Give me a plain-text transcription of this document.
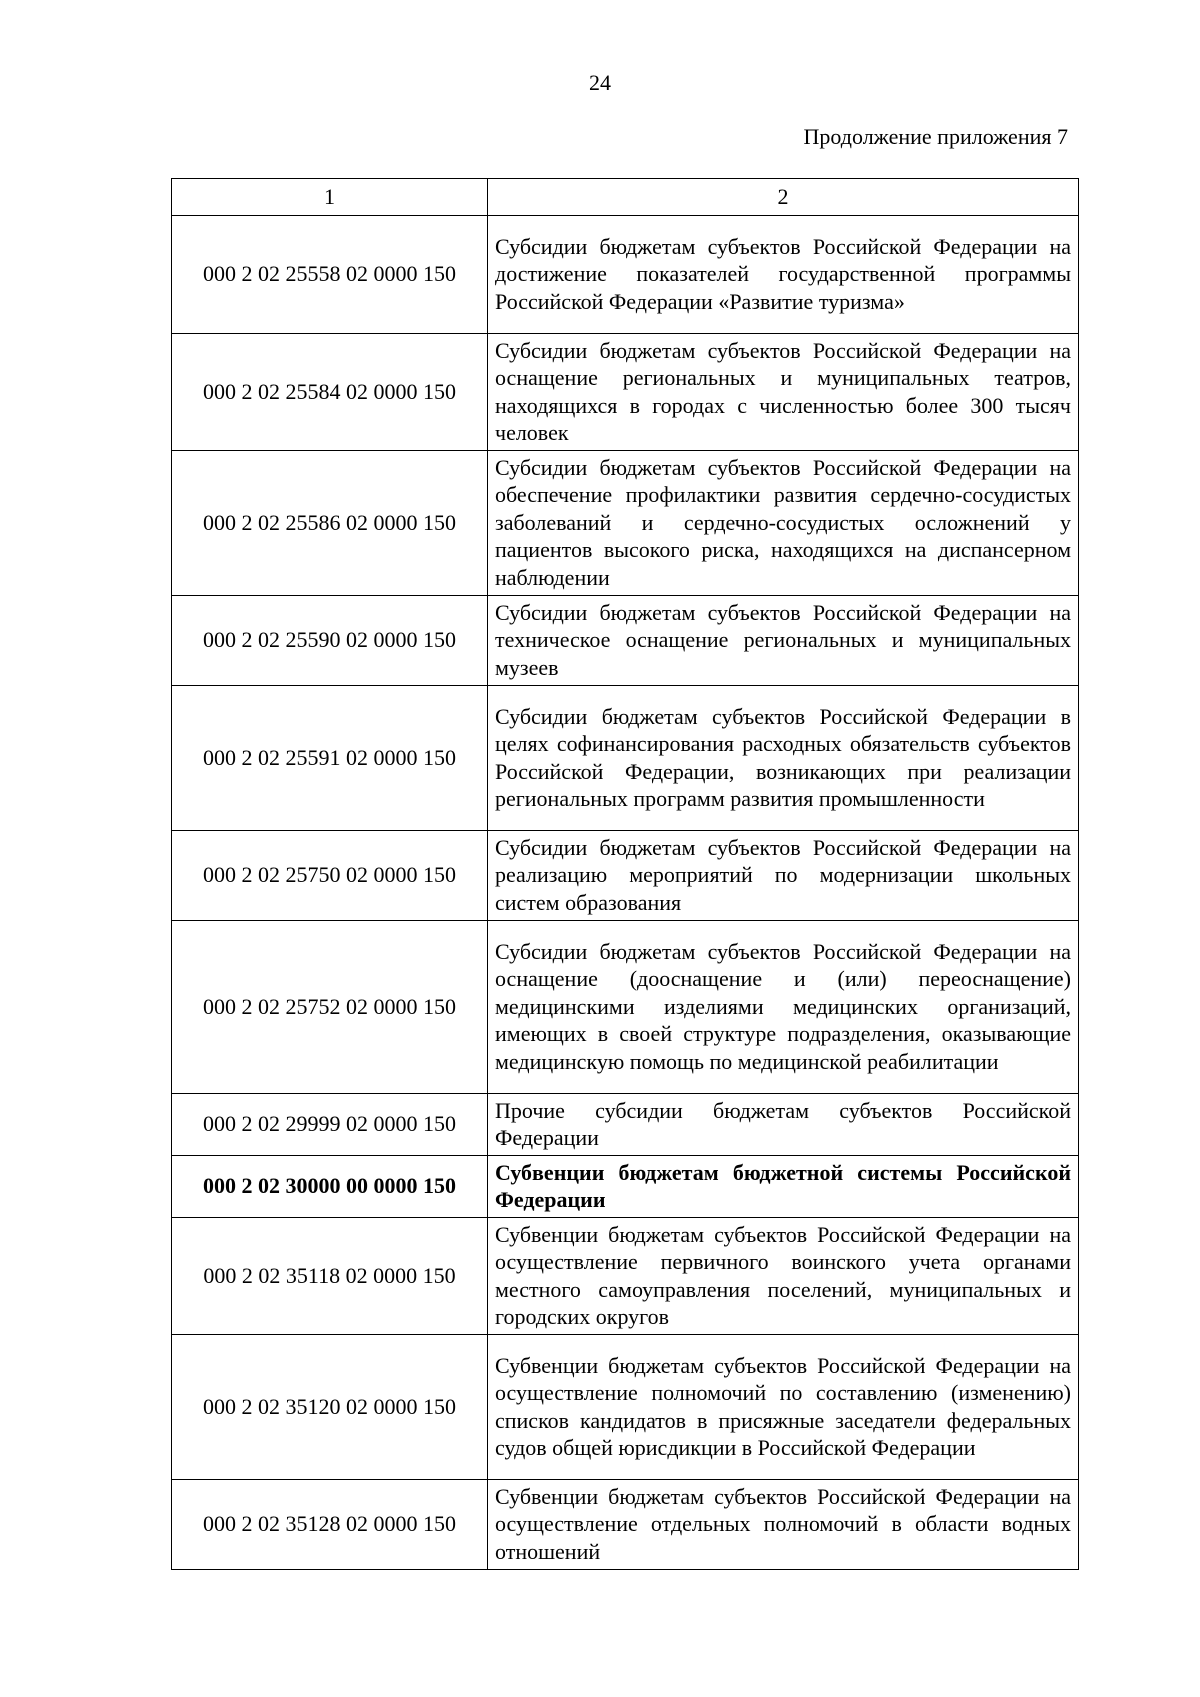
24
Продолжение приложения 7
1	2
000 2 02 25558 02 0000 150	Субсидии бюджетам субъектов Российской Федерации на достижение показателей государственной программы Российской Федерации «Развитие туризма»
000 2 02 25584 02 0000 150	Субсидии бюджетам субъектов Российской Федерации на оснащение региональных и муниципальных театров, находящихся в городах с численностью более 300 тысяч человек
000 2 02 25586 02 0000 150	Субсидии бюджетам субъектов Российской Федерации на обеспечение профилактики развития сердечно-сосудистых заболеваний и сердечно-сосудистых осложнений у пациентов высокого риска, находящихся на диспансерном наблюдении
000 2 02 25590 02 0000 150	Субсидии бюджетам субъектов Российской Федерации на техническое оснащение региональных и муниципальных музеев
000 2 02 25591 02 0000 150	Субсидии бюджетам субъектов Российской Федерации в целях софинансирования расходных обязательств субъектов Российской Федерации, возникающих при реализации региональных программ развития промышленности
000 2 02 25750 02 0000 150	Субсидии бюджетам субъектов Российской Федерации на реализацию мероприятий по модернизации школьных систем образования
000 2 02 25752 02 0000 150	Субсидии бюджетам субъектов Российской Федерации на оснащение (дооснащение и (или) переоснащение) медицинскими изделиями медицинских организаций, имеющих в своей структуре подразделения, оказывающие медицинскую помощь по медицинской реабилитации
000 2 02 29999 02 0000 150	Прочие субсидии бюджетам субъектов Российской Федерации
000 2 02 30000 00 0000 150	Субвенции бюджетам бюджетной системы Российской Федерации
000 2 02 35118 02 0000 150	Субвенции бюджетам субъектов Российской Федерации на осуществление первичного воинского учета органами местного самоуправления поселений, муниципальных и городских округов
000 2 02 35120 02 0000 150	Субвенции бюджетам субъектов Российской Федерации на осуществление полномочий по составлению (изменению) списков кандидатов в присяжные заседатели федеральных судов общей юрисдикции в Российской Федерации
000 2 02 35128 02 0000 150	Субвенции бюджетам субъектов Российской Федерации на осуществление отдельных полномочий в области водных отношений
